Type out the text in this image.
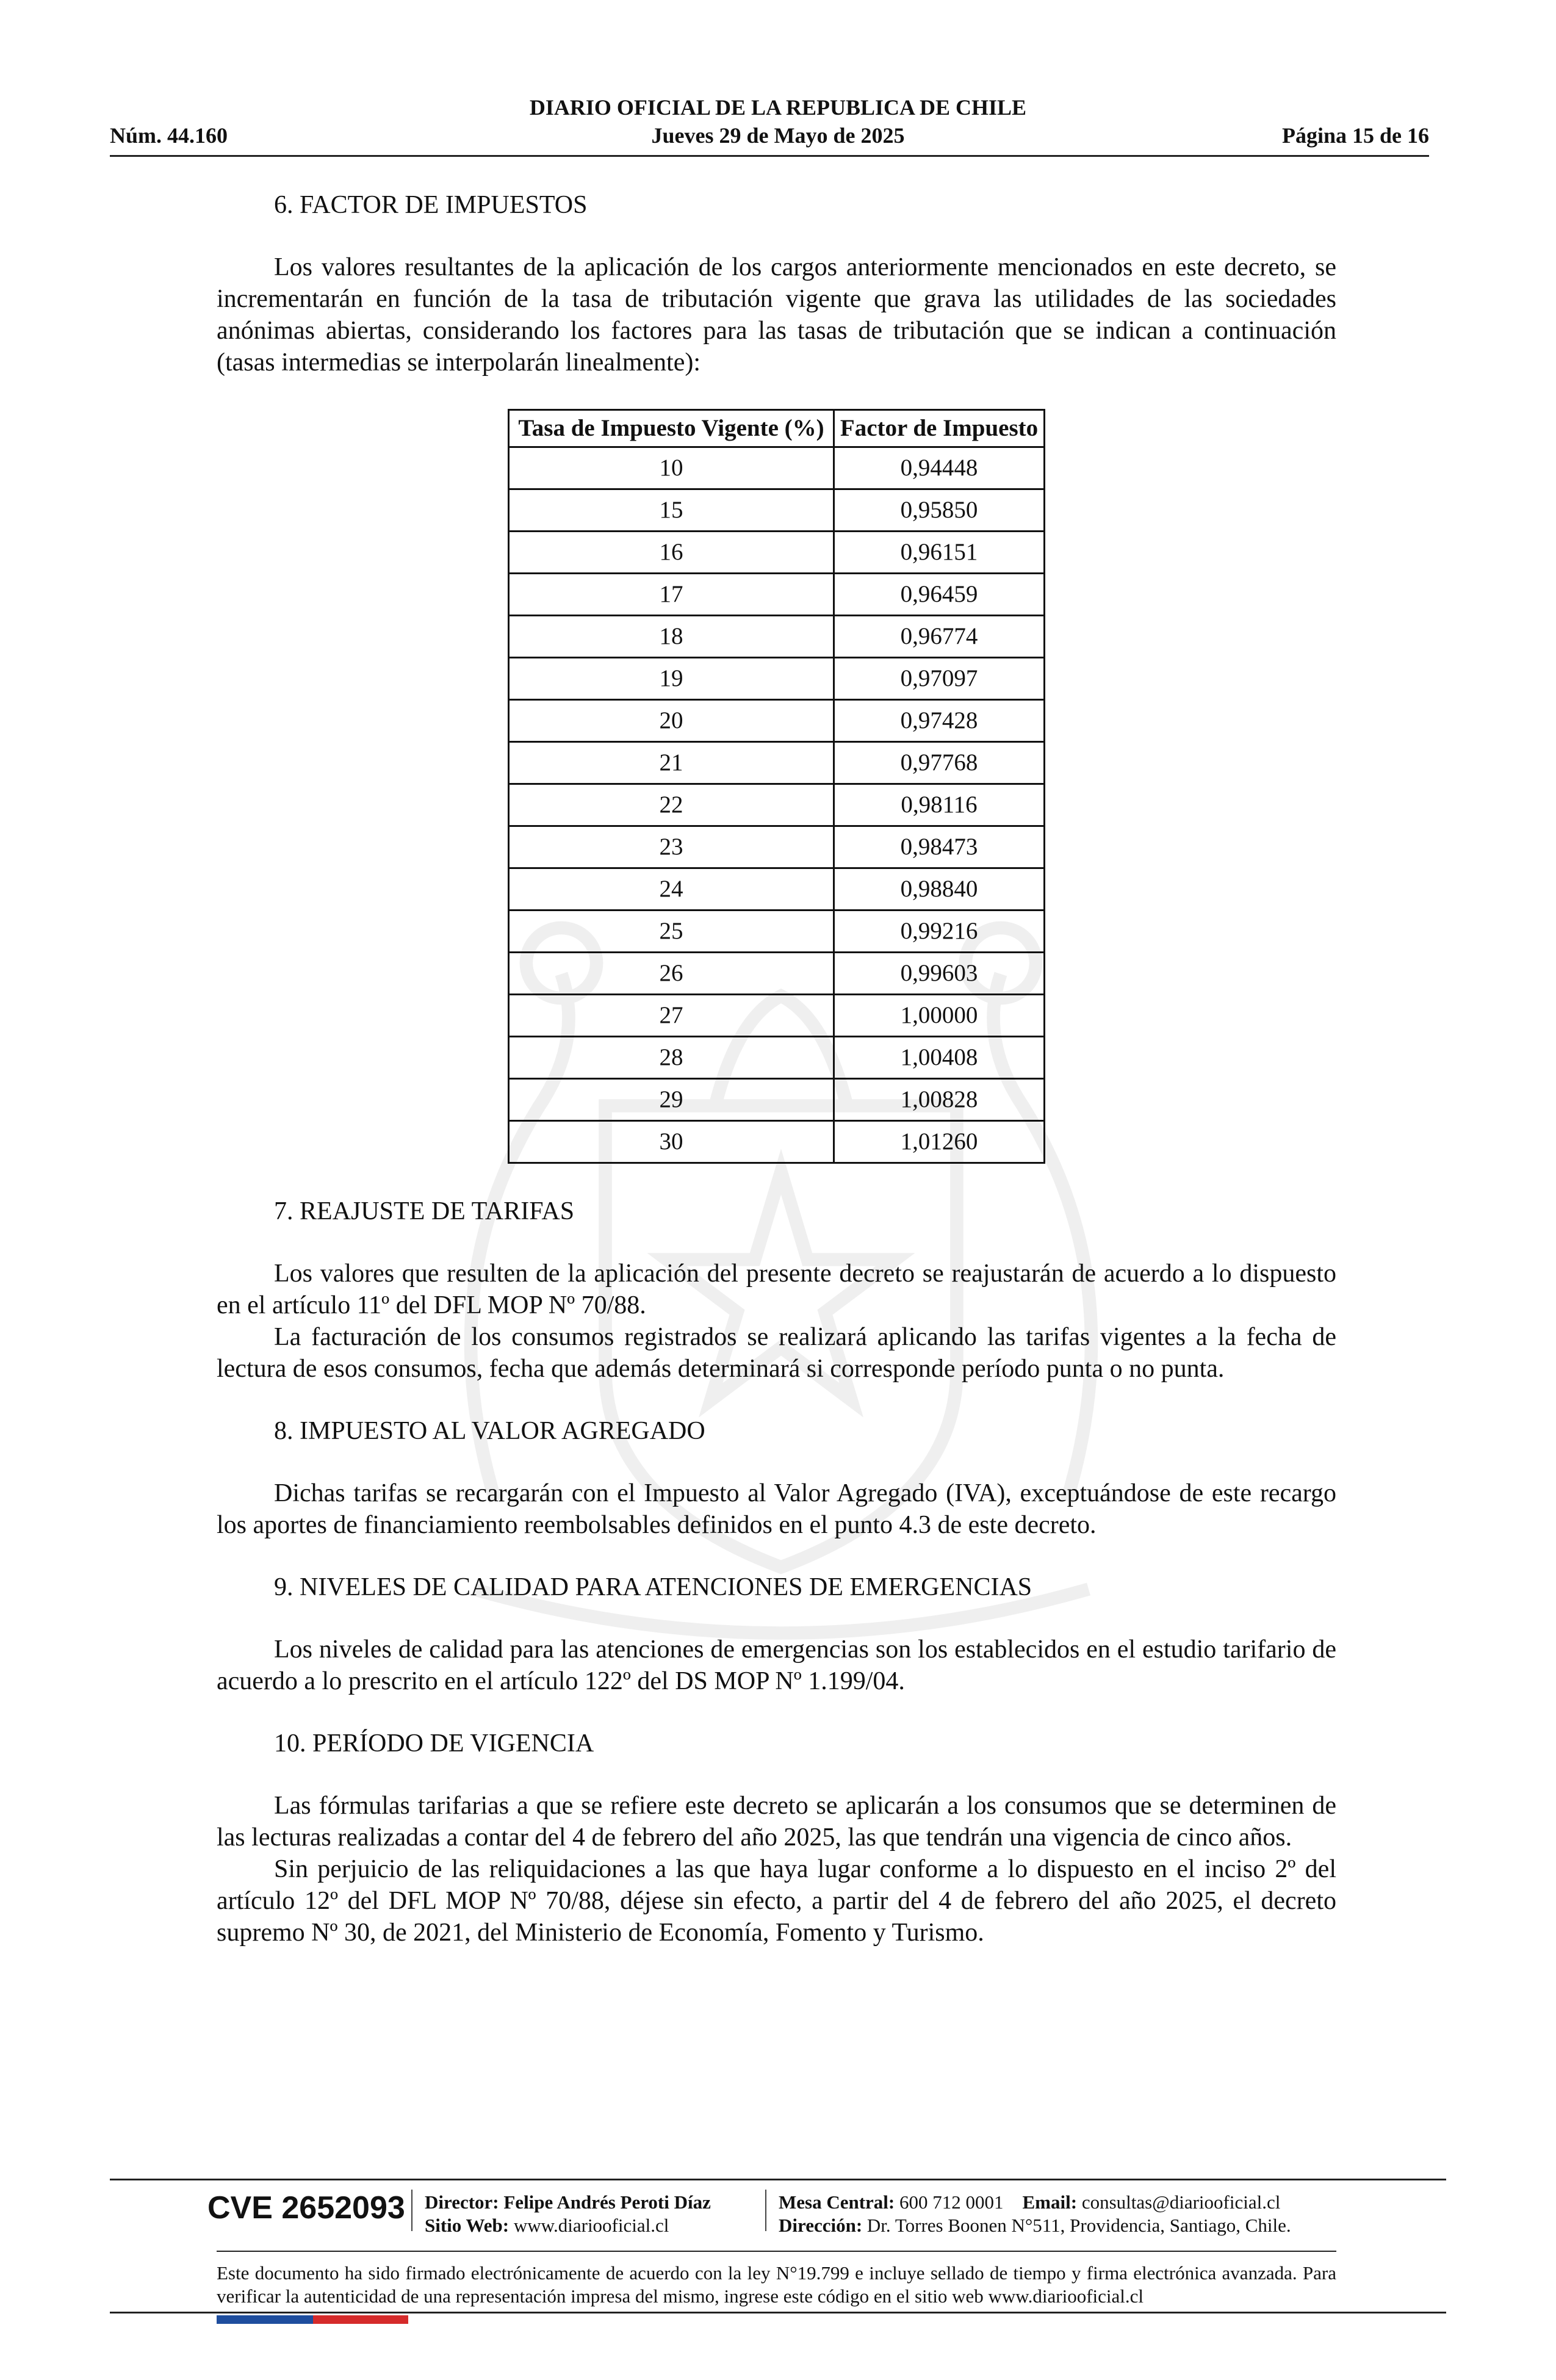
DIARIO OFICIAL DE LA REPUBLICA DE CHILE
Núm. 44.160	Jueves 29 de Mayo de 2025	Página 15 de 16

6. FACTOR DE IMPUESTOS

Los valores resultantes de la aplicación de los cargos anteriormente mencionados en este decreto, se incrementarán en función de la tasa de tributación vigente que grava las utilidades de las sociedades anónimas abiertas, considerando los factores para las tasas de tributación que se indican a continuación (tasas intermedias se interpolarán linealmente):

Tasa de Impuesto Vigente (%)	Factor de Impuesto
10	0,94448
15	0,95850
16	0,96151
17	0,96459
18	0,96774
19	0,97097
20	0,97428
21	0,97768
22	0,98116
23	0,98473
24	0,98840
25	0,99216
26	0,99603
27	1,00000
28	1,00408
29	1,00828
30	1,01260

7. REAJUSTE DE TARIFAS

Los valores que resulten de la aplicación del presente decreto se reajustarán de acuerdo a lo dispuesto en el artículo 11º del DFL MOP Nº 70/88.

La facturación de los consumos registrados se realizará aplicando las tarifas vigentes a la fecha de lectura de esos consumos, fecha que además determinará si corresponde período punta o no punta.

8. IMPUESTO AL VALOR AGREGADO

Dichas tarifas se recargarán con el Impuesto al Valor Agregado (IVA), exceptuándose de este recargo los aportes de financiamiento reembolsables definidos en el punto 4.3 de este decreto.

9. NIVELES DE CALIDAD PARA ATENCIONES DE EMERGENCIAS

Los niveles de calidad para las atenciones de emergencias son los establecidos en el estudio tarifario de acuerdo a lo prescrito en el artículo 122º del DS MOP Nº 1.199/04.

10. PERÍODO DE VIGENCIA

Las fórmulas tarifarias a que se refiere este decreto se aplicarán a los consumos que se determinen de las lecturas realizadas a contar del 4 de febrero del año 2025, las que tendrán una vigencia de cinco años.

Sin perjuicio de las reliquidaciones a las que haya lugar conforme a lo dispuesto en el inciso 2º del artículo 12º del DFL MOP Nº 70/88, déjese sin efecto, a partir del 4 de febrero del año 2025, el decreto supremo Nº 30, de 2021, del Ministerio de Economía, Fomento y Turismo.

CVE 2652093 Director: Felipe Andrés Peroti Díaz
Sitio Web: www.diariooficial.cl
Mesa Central: 600 712 0001 Email: consultas@diariooficial.cl
Dirección: Dr. Torres Boonen N°511, Providencia, Santiago, Chile.
Este documento ha sido firmado electrónicamente de acuerdo con la ley N°19.799 e incluye sellado de tiempo y firma electrónica avanzada. Para verificar la autenticidad de una representación impresa del mismo, ingrese este código en el sitio web www.diariooficial.cl
